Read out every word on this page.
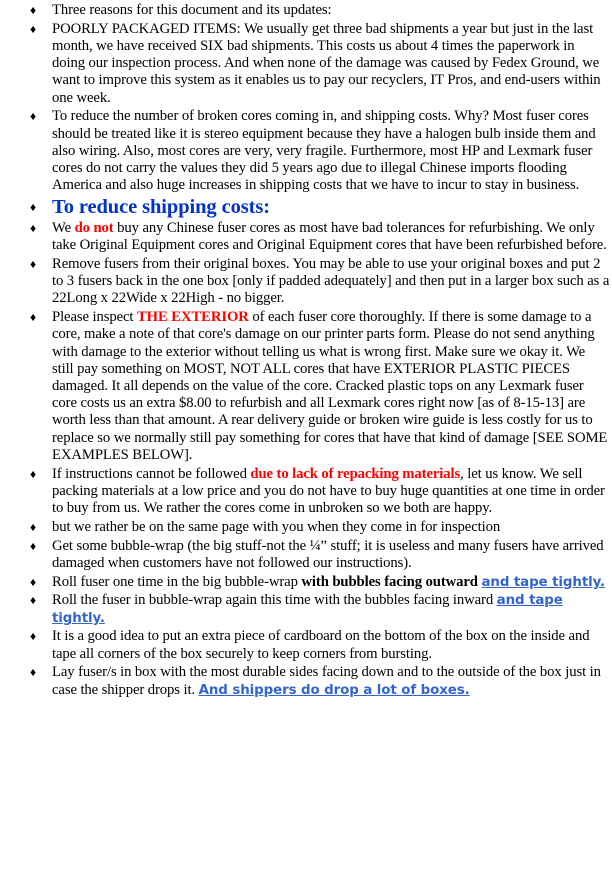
♦ Three reasons for this document and its updates:
♦ POORLY PACKAGED ITEMS: We usually get three bad shipments a year but just in the last month, we have received SIX bad shipments. This costs us about 4 times the paperwork in doing our inspection process. And when none of the damage was caused by Fedex Ground, we want to improve this system as it enables us to pay our recyclers, IT Pros, and end-users within one week.
♦ To reduce the number of broken cores coming in, and shipping costs. Why? Most fuser cores should be treated like it is stereo equipment because they have a halogen bulb inside them and also wiring. Also, most cores are very, very fragile. Furthermore, most HP and Lexmark fuser cores do not carry the values they did 5 years ago due to illegal Chinese imports flooding America and also huge increases in shipping costs that we have to incur to stay in business.
♦ To reduce shipping costs:
♦ We do not buy any Chinese fuser cores as most have bad tolerances for refurbishing. We only take Original Equipment cores and Original Equipment cores that have been refurbished before.
♦ Remove fusers from their original boxes. You may be able to use your original boxes and put 2 to 3 fusers back in the one box [only if padded adequately] and then put in a larger box such as a 22Long x 22Wide x 22High - no bigger.
♦ Please inspect THE EXTERIOR of each fuser core thoroughly. If there is some damage to a core, make a note of that core's damage on our printer parts form. Please do not send anything with damage to the exterior without telling us what is wrong first. Make sure we okay it. We still pay something on MOST, NOT ALL cores that have EXTERIOR PLASTIC PIECES damaged. It all depends on the value of the core. Cracked plastic tops on any Lexmark fuser core costs us an extra $8.00 to refurbish and all Lexmark cores right now [as of 8-15-13] are worth less than that amount. A rear delivery guide or broken wire guide is less costly for us to replace so we normally still pay something for cores that have that kind of damage [SEE SOME EXAMPLES BELOW].
♦ If instructions cannot be followed due to lack of repacking materials, let us know. We sell packing materials at a low price and you do not have to buy huge quantities at one time in order to buy from us. We rather the cores come in unbroken so we both are happy.
♦ but we rather be on the same page with you when they come in for inspection
♦ Get some bubble-wrap (the big stuff-not the ¼” stuff; it is useless and many fusers have arrived damaged when customers have not followed our instructions).
♦ Roll fuser one time in the big bubble-wrap with bubbles facing outward and tape tightly.
♦ Roll the fuser in bubble-wrap again this time with the bubbles facing inward and tape tightly.
♦ It is a good idea to put an extra piece of cardboard on the bottom of the box on the inside and tape all corners of the box securely to keep corners from bursting.
♦ Lay fuser/s in box with the most durable sides facing down and to the outside of the box just in case the shipper drops it. And shippers do drop a lot of boxes.
